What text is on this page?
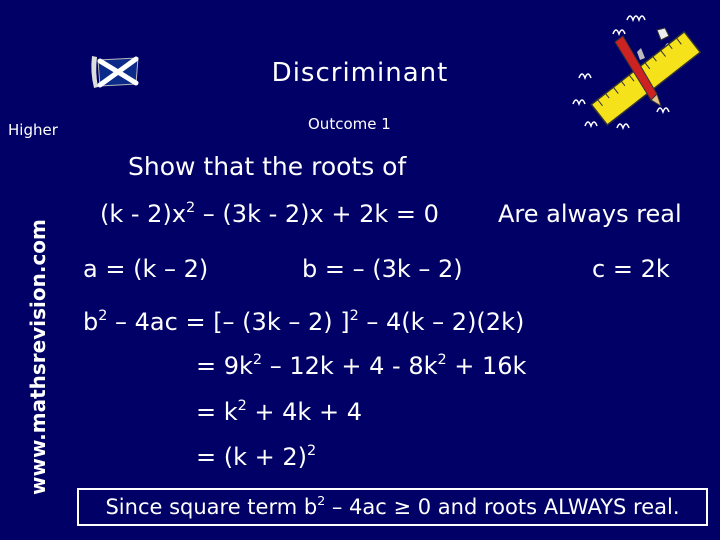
Discriminant
Higher	Outcome 1
www.mathsrevision.com
Show that the roots of
$(k - 2)x^2 - (3k - 2)x + 2k = 0$ Are always real
a = (k – 2)	b = – (3k – 2)	c = 2k
$b^2 - 4ac$ = [– (3k – 2) ]$^2$ – 4(k – 2)(2k)
= $9k^2 - 12k + 4 - 8k^2 + 16k$
= $k^2 + 4k + 4$
= $(k + 2)^2$
Since square term $b^2 - 4ac \ge 0$ and roots ALWAYS real.
